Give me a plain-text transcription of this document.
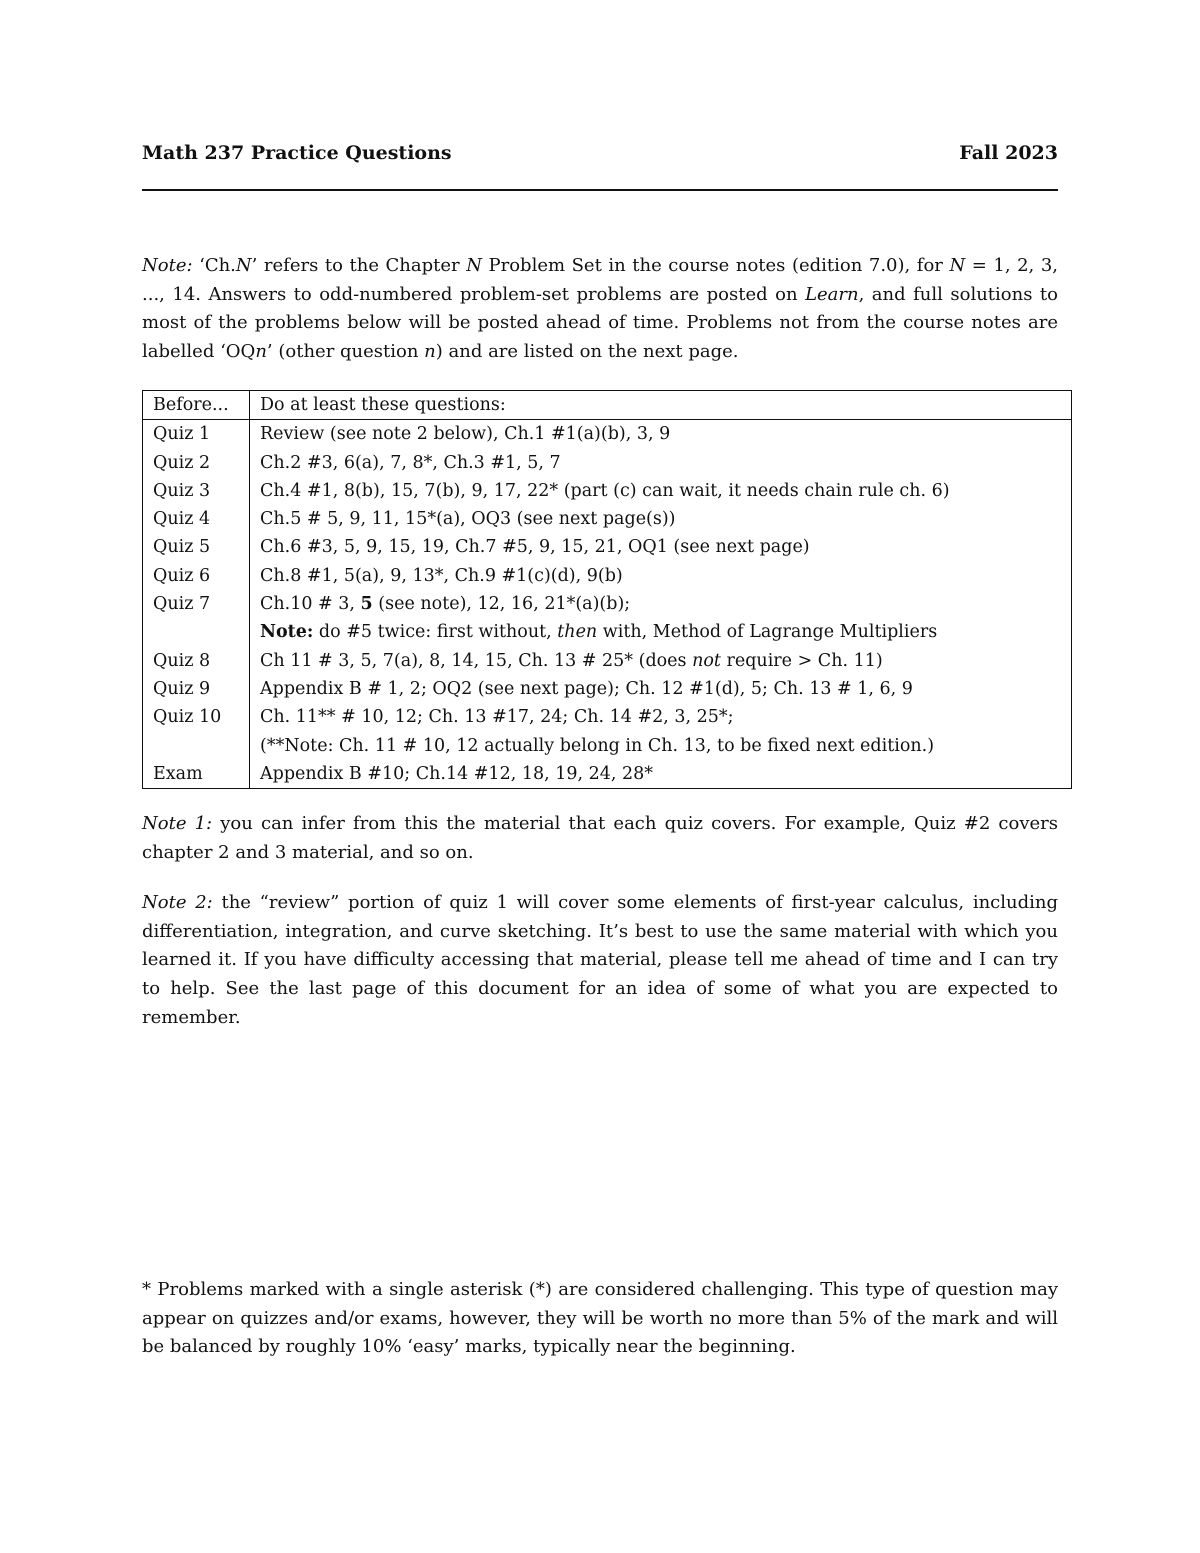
Math 237 Practice Questions	Fall 2023

Note: ‘Ch.N’ refers to the Chapter N Problem Set in the course notes (edition 7.0), for N = 1, 2, 3, ..., 14. Answers to odd-numbered problem-set problems are posted on Learn, and full solutions to most of the problems below will be posted ahead of time. Problems not from the course notes are labelled ‘OQn’ (other question n) and are listed on the next page.

Before...	Do at least these questions:
Quiz 1	Review (see note 2 below), Ch.1 #1(a)(b), 3, 9
Quiz 2	Ch.2 #3, 6(a), 7, 8*, Ch.3 #1, 5, 7
Quiz 3	Ch.4 #1, 8(b), 15, 7(b), 9, 17, 22* (part (c) can wait, it needs chain rule ch. 6)
Quiz 4	Ch.5 # 5, 9, 11, 15*(a), OQ3 (see next page(s))
Quiz 5	Ch.6 #3, 5, 9, 15, 19, Ch.7 #5, 9, 15, 21, OQ1 (see next page)
Quiz 6	Ch.8 #1, 5(a), 9, 13*, Ch.9 #1(c)(d), 9(b)
Quiz 7	Ch.10 # 3, 5 (see note), 12, 16, 21*(a)(b);
	Note: do #5 twice: first without, then with, Method of Lagrange Multipliers
Quiz 8	Ch 11 # 3, 5, 7(a), 8, 14, 15, Ch. 13 # 25* (does not require > Ch. 11)
Quiz 9	Appendix B # 1, 2; OQ2 (see next page); Ch. 12 #1(d), 5; Ch. 13 # 1, 6, 9
Quiz 10	Ch. 11** # 10, 12; Ch. 13 #17, 24; Ch. 14 #2, 3, 25*;
	(**Note: Ch. 11 # 10, 12 actually belong in Ch. 13, to be fixed next edition.)
Exam	Appendix B #10; Ch.14 #12, 18, 19, 24, 28*

Note 1: you can infer from this the material that each quiz covers. For example, Quiz #2 covers chapter 2 and 3 material, and so on.

Note 2: the “review” portion of quiz 1 will cover some elements of first-year calculus, including differentiation, integration, and curve sketching. It’s best to use the same material with which you learned it. If you have difficulty accessing that material, please tell me ahead of time and I can try to help. See the last page of this document for an idea of some of what you are expected to remember.

* Problems marked with a single asterisk (*) are considered challenging. This type of question may appear on quizzes and/or exams, however, they will be worth no more than 5% of the mark and will be balanced by roughly 10% ‘easy’ marks, typically near the beginning.
